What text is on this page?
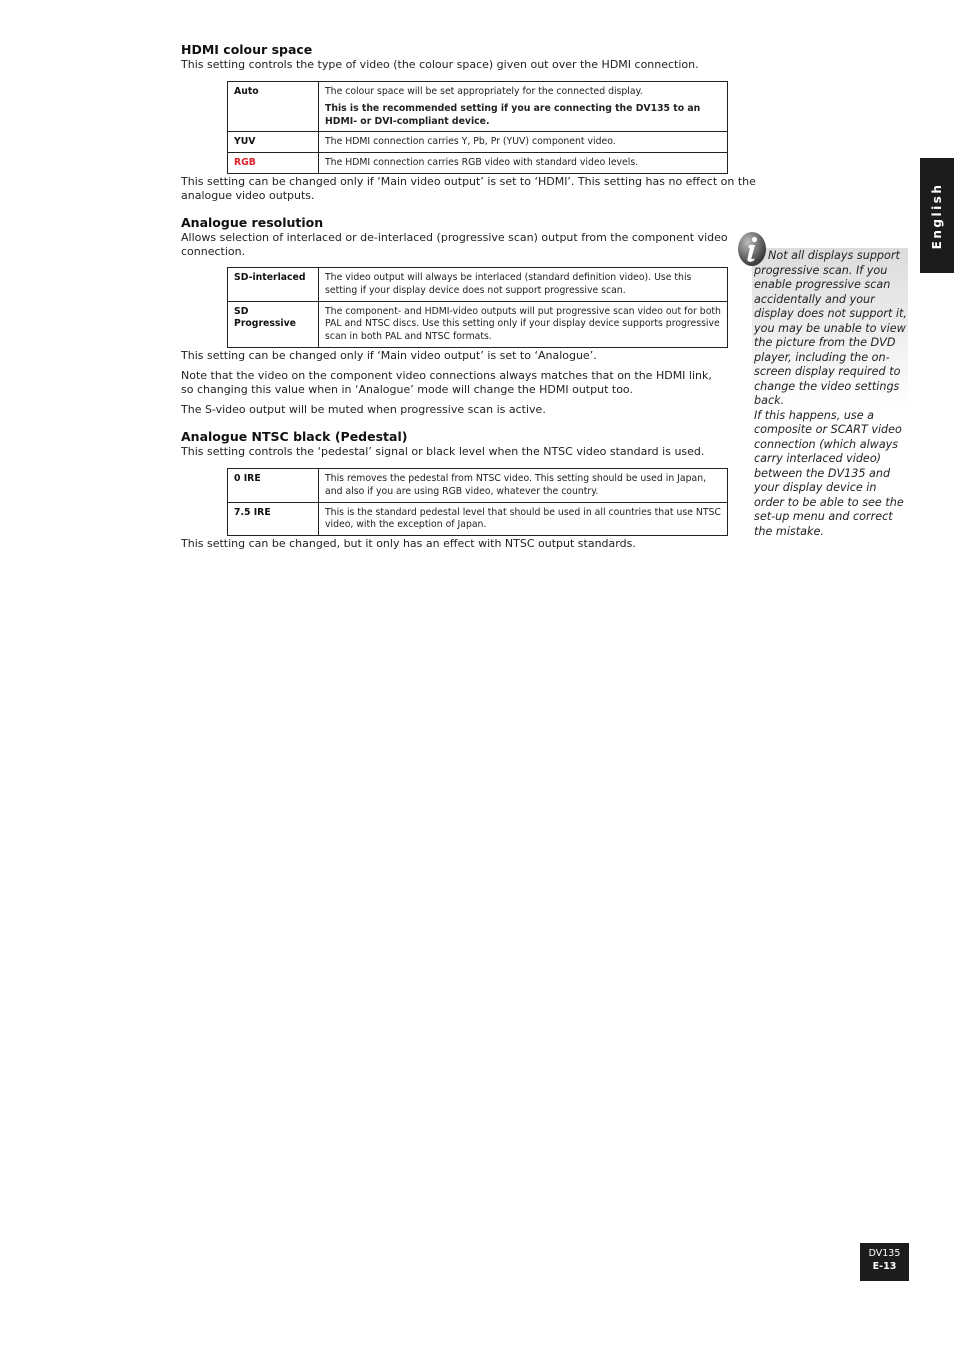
HDMI colour space

This setting controls the type of video (the colour space) given out over the HDMI connection.

Auto	The colour space will be set appropriately for the connected display.
This is the recommended setting if you are connecting the DV135 to an HDMI- or DVI-compliant device.

YUV	The HDMI connection carries Y, Pb, Pr (YUV) component video.
RGB	The HDMI connection carries RGB video with standard video levels.

This setting can be changed only if ‘Main video output’ is set to ‘HDMI’. This setting has no effect on the analogue video outputs.

Analogue resolution

Allows selection of interlaced or de-interlaced (progressive scan) output from the component video connection.

SD-interlaced	The video output will always be interlaced (standard definition video). Use this setting if your display device does not support progressive scan.
SD Progressive	The component- and HDMI-video outputs will put progressive scan video out for both PAL and NTSC discs. Use this setting only if your display device supports progressive scan in both PAL and NTSC formats.

This setting can be changed only if ‘Main video output’ is set to ‘Analogue’.

Note that the video on the component video connections always matches that on the HDMI link, so changing this value when in ‘Analogue’ mode will change the HDMI output too.

The S-video output will be muted when progressive scan is active.

Analogue NTSC black (Pedestal)

This setting controls the ‘pedestal’ signal or black level when the NTSC video standard is used.

0 IRE	This removes the pedestal from NTSC video. This setting should be used in Japan, and also if you are using RGB video, whatever the country.
7.5 IRE	This is the standard pedestal level that should be used in all countries that use NTSC video, with the exception of Japan.

This setting can be changed, but it only has an effect with NTSC output standards.

English
Not all displays support progressive scan. If you enable progressive scan accidentally and your display does not support it, you may be unable to view the picture from the DVD player, including the on-screen display required to change the video settings back.
If this happens, use a composite or SCART video connection (which always carry interlaced video) between the DV135 and your display device in order to be able to see the set-up menu and correct the mistake.
DV135
E-13
